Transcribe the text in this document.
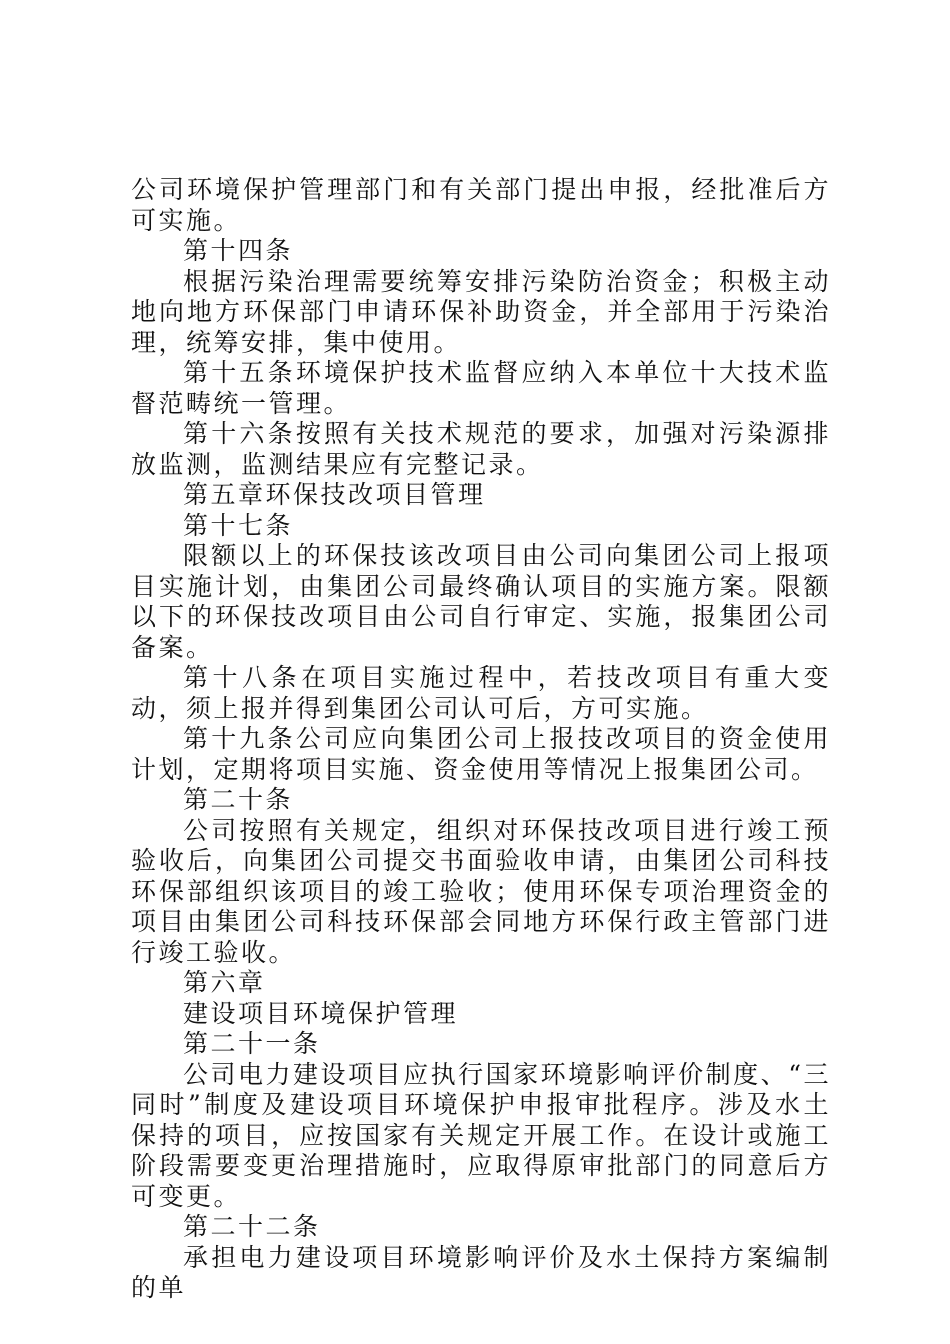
公司环境保护管理部门和有关部门提出申报，经批准后方可实施。

第十四条

根据污染治理需要统筹安排污染防治资金；积极主动地向地方环保部门申请环保补助资金，并全部用于污染治理，统筹安排，集中使用。

第十五条环境保护技术监督应纳入本单位十大技术监督范畴统一管理。

第十六条按照有关技术规范的要求，加强对污染源排放监测，监测结果应有完整记录。

第五章环保技改项目管理

第十七条

限额以上的环保技该改项目由公司向集团公司上报项目实施计划，由集团公司最终确认项目的实施方案。限额以下的环保技改项目由公司自行审定、实施，报集团公司备案。

第十八条在项目实施过程中，若技改项目有重大变动，须上报并得到集团公司认可后，方可实施。

第十九条公司应向集团公司上报技改项目的资金使用计划，定期将项目实施、资金使用等情况上报集团公司。

第二十条

公司按照有关规定，组织对环保技改项目进行竣工预验收后，向集团公司提交书面验收申请，由集团公司科技环保部组织该项目的竣工验收；使用环保专项治理资金的项目由集团公司科技环保部会同地方环保行政主管部门进行竣工验收。

第六章

建设项目环境保护管理

第二十一条

公司电力建设项目应执行国家环境影响评价制度、“三同时”制度及建设项目环境保护申报审批程序。涉及水土保持的项目，应按国家有关规定开展工作。在设计或施工阶段需要变更治理措施时，应取得原审批部门的同意后方可变更。

第二十二条

承担电力建设项目环境影响评价及水土保持方案编制的单
